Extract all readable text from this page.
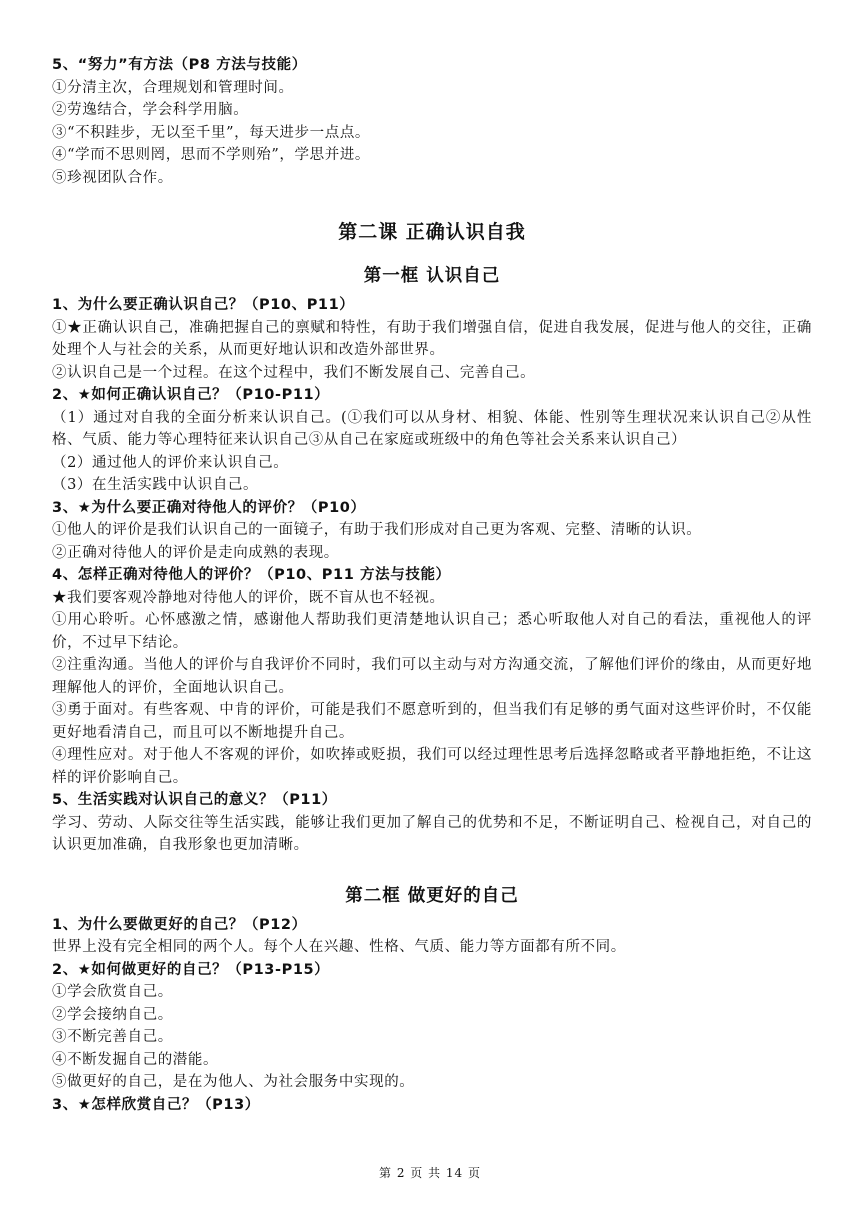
5、“努力”有方法（P8 方法与技能）
①分清主次，合理规划和管理时间。
②劳逸结合，学会科学用脑。
③“不积跬步，无以至千里”，每天进步一点点。
④“学而不思则罔，思而不学则殆”，学思并进。
⑤珍视团队合作。
第二课 正确认识自我
第一框 认识自己
1、为什么要正确认识自己？（P10、P11）
①★正确认识自己，准确把握自己的禀赋和特性，有助于我们增强自信，促进自我发展，促进与他人的交往，正确处理个人与社会的关系，从而更好地认识和改造外部世界。
②认识自己是一个过程。在这个过程中，我们不断发展自己、完善自己。
2、★如何正确认识自己？（P10-P11）
（1）通过对自我的全面分析来认识自己。(①我们可以从身材、相貌、体能、性别等生理状况来认识自己②从性格、气质、能力等心理特征来认识自己③从自己在家庭或班级中的角色等社会关系来认识自己）
（2）通过他人的评价来认识自己。
（3）在生活实践中认识自己。
3、★为什么要正确对待他人的评价？（P10）
①他人的评价是我们认识自己的一面镜子，有助于我们形成对自己更为客观、完整、清晰的认识。
②正确对待他人的评价是走向成熟的表现。
4、怎样正确对待他人的评价？（P10、P11 方法与技能）
★我们要客观冷静地对待他人的评价，既不盲从也不轻视。
①用心聆听。心怀感激之情，感谢他人帮助我们更清楚地认识自己；悉心听取他人对自己的看法，重视他人的评价，不过早下结论。
②注重沟通。当他人的评价与自我评价不同时，我们可以主动与对方沟通交流，了解他们评价的缘由，从而更好地理解他人的评价，全面地认识自己。
③勇于面对。有些客观、中肯的评价，可能是我们不愿意听到的，但当我们有足够的勇气面对这些评价时，不仅能更好地看清自己，而且可以不断地提升自己。
④理性应对。对于他人不客观的评价，如吹捧或贬损，我们可以经过理性思考后选择忽略或者平静地拒绝，不让这样的评价影响自己。
5、生活实践对认识自己的意义？（P11）
学习、劳动、人际交往等生活实践，能够让我们更加了解自己的优势和不足，不断证明自己、检视自己，对自己的认识更加准确，自我形象也更加清晰。
第二框 做更好的自己
1、为什么要做更好的自己？（P12）
世界上没有完全相同的两个人。每个人在兴趣、性格、气质、能力等方面都有所不同。
2、★如何做更好的自己？（P13-P15）
①学会欣赏自己。
②学会接纳自己。
③不断完善自己。
④不断发掘自己的潜能。
⑤做更好的自己，是在为他人、为社会服务中实现的。
3、★怎样欣赏自己？（P13）
第 2 页 共 14 页
